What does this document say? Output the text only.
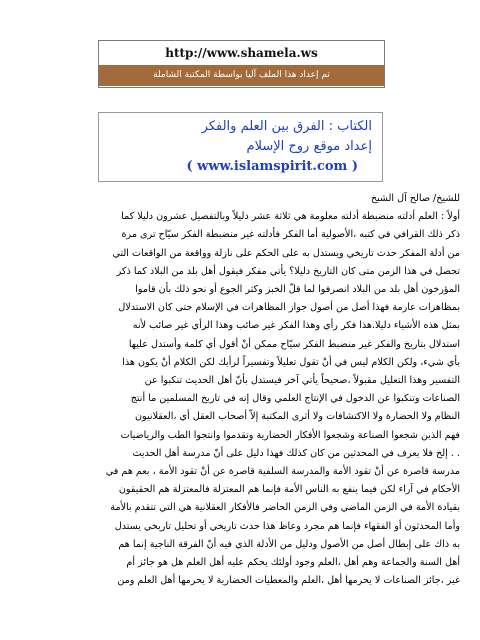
http://www.shamela.ws
تم إعداد هذا الملف آليا بواسطة المكتبة الشاملة
الكتاب : الفرق بين العلم والفكر
إعداد موقع روح الإسلام
( www.islamspirit.com )

للشيخ/ صالح آل الشيخ

أولاً : العلم أدلته منضبطة أدلته معلومة هي ثلاثة عشر دليلاً وبالتفصيل عشرون دليلا كما

ذكر ذلك القرافي في كتبه ،الأصولية أما الفكر فأدلته غير منضبطة الفكر سيّاح ترى مرة

من أدلة المفكر حدث تاريخي ويستدل به على الحكم على نازلة وواقعة من الواقعات التي

تحصل في هذا الزمن متى كان التاريخ دليلا؟ يأتي مفكر فيقول أهل بلد من البلاد كما ذكر

المؤرخون أهل بلد من البلاد انصرفوا لما قلّ الخبز وكثر الجوع أو نحو ذلك بأن قاموا

بمظاهرات عارمة فهذا أصل من أصول جواز المظاهرات في الإسلام حتى كان الاستدلال

بمثل هذه الأشياء دليلا.هذا فكر رأي وهذا الفكر غير صائب وهذا الرأي غير صائب لأنه

استدلال بتاريخ والفكر غير منضبط الفكر سيّاح ممكن أنْ أقول أي كلمة وأستدل عليها

بأي شيء، ولكن الكلام ليس في أنْ تقول تعليلاً وتفسيراً لرأيك لكن الكلام أنْ يكون هذا

التفسير وهذا التعليل مقبولاً ،صحيحاً يأتي آخر فيستدل بأنّ أهل الحديث تنكبوا عن

الصناعات وتنكبوا عن الدخول في الإنتاج العلمي وقال إنه في تاريخ المسلمين ما أنتج

النظام ولا الحضارة ولا الاكتشافات ولا أثرى المكتبة إلاّ أصحاب العقل أي ،العقلانيون

فهم الذين شجعوا الصناعة وشجعوا الأفكار الحضارية وتقدموا وانتجوا الطب والرياضيات

. . إلخ فلا يعرف في المحدثين من كان كذلك فهذا دليل على أنّ مدرسة أهل الحديث

مدرسة قاصرة عن أنْ تقود الأمة والمدرسة السلفية قاصرة عن أنْ تقود الأمة ، بعم هم في

الأحكام في آراء لكن فيما ينفع به الناس الأمة فإنما هم المعتزلة فالمعتزلة هم الحقيقون

بقيادة الأمة في الزمن الماضي وفي الزمن الحاضر فالأفكار العقلانية هي التي تتقدم بالأمة

وأما المحدثون أو الفقهاء فإنما هم مجرد وعاظ هذا حدث تاريخي أو تحليل تاريخي يستدل

به ذاك على إبطال أصل من الأصول ودليل من الأدلة الذي فيه أنّ الفرقة الناجية إنما هم

أهل السنة والجماعة وهم أهل ،العلم وجود أولئك يحكم عليه أهل العلم هل هو جائز أم

غير ،جائز الصناعات لا يحرمها أهل ،العلم والمعطيات الحضارية لا يحرمها أهل العلم ومن
